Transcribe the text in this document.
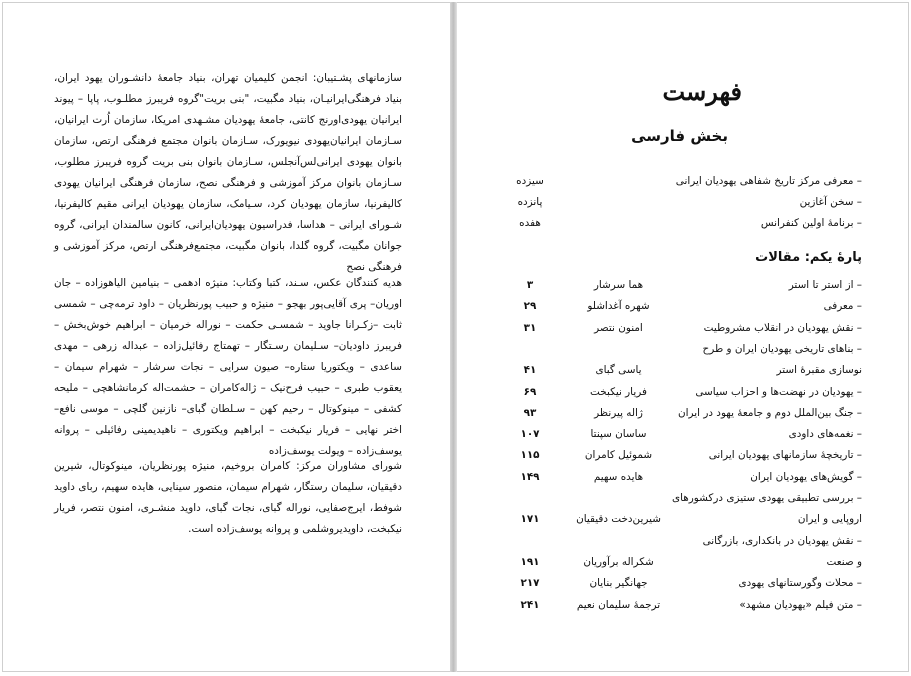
سازمانهای پشـتیبان: انجمن کلیمیان تهران، بنیاد جامعهٔ دانشـوران یهود ایران، بنیاد فرهنگی‌ایرانیـان، بنیاد مگبیت، "بنی بریت"گروه فریبرز مطلـوب، پاپا – پیوند ایرانیان یهودی‌اورنج کانتی، جامعهٔ یهودیان مشـهدی امریکا، سازمان اُرت ایرانیان، سـازمان ایرانیان‌یهودی نیویورک، سـازمان بانوان مجتمع فرهنگی ارتص، سازمان بانوان یهودی ایرانی‌لس‌آنجلس، سـازمان بانوان بنی بریت گروه فریبرز مطلوب، سـازمان بانوان مرکز آموزشی و فرهنگی نصح، سازمان فرهنگی ایرانیان یهودی کالیفرنیا، سازمان یهودیان کرد، سـیامک، سازمان یهودیان ایرانی مقیم کالیفرنیا، شـورای ایرانی – هداسا، فدراسیون یهودیان‌ایرانی، کانون سالمندان ایرانی، گروه جوانان مگبیت، گروه گلدا، بانوان مگبیت، مجتمع‌فرهنگی ارتص، مرکز آموزشی و فرهنگی نصح

هدیه کنندگان عکس، سـند، کتبا وکتاب: منیژه ادهمی – بنیامین الیاهوزاده – جان اوریان– پری آقایی‌پور بهجو – منیژه و حبیب پورنظریان – داود ترمه‌چی – شمسی ثابت –زکـرانا جاوید – شمسـی حکمت – نوراله خرمیان – ابراهیم خوش‌بخش – فریبرز داودیان– سـلیمان رسـتگار – تهمتاج رفائیل‌زاده – عبداله زرهی – مهدی ساعدی – ویکتوریا ستاره– صیون سرایی – نجات سرشار – شهرام سیمان – یعقوب طبری – حبیب فرح‌نیک – ژاله‌کامران – حشمت‌اله کرمانشاهچی – ملیحه کشفی – مینوکوتال – رحیم کهن – سـلطان گبای– نازنین گلچی – موسی نافع– اختر نهایی – فریار نیکبخت – ابراهیم ویکتوری – ناهیدیمینی رفائیلی – پروانه یوسف‌زاده – ویولت یوسف‌زاده

شورای مشاوران مرکز: کامران بروخیم، منیژه پورنظریان، مینوکوتال، شیرین دقیقیان، سلیمان رستگار، شهرام سیمان، منصور سینایی، هایده سهیم، ربای داوید شوفط، ایرج‌صفایی، نوراله گبای، نجات گبای، داوید منشـری، امنون نتصر، فریار نیکبخت، داویدیروشلمی و پروانه یوسف‌زاده است.

فهرست
بخش فارسی
– معرفی مرکز تاریخ شفاهی یهودیان ایرانی
سیزده
– سخن آغازین
پانزده
– برنامهٔ اولین کنفرانس
هفده
پارهٔ یکم: مقالات
– از استر تا استر
هما سرشار
۳
– معرفی
شهره آغداشلو
۲۹
– نقش یهودیان در انقلاب مشروطیت
امنون نتصر
۳۱
– بناهای تاریخی یهودیان ایران و طرح
نوسازی مقبرهٔ استر
یاسی گبای
۴۱
– یهودیان در نهضت‌ها و احزاب سیاسی
فریار نیکبخت
۶۹
– جنگ بین‌الملل دوم و جامعهٔ یهود در ایران
ژاله پیرنظر
۹۳
– نغمه‌های داودی
ساسان سپنتا
۱۰۷
– تاریخچهٔ سازمانهای یهودیان ایرانی
شموئیل کامران
۱۱۵
– گویش‌های یهودیان ایران
هایده سهیم
۱۴۹
– بررسی تطبیقی یهودی ستیزی درکشورهای
اروپایی و ایران
شیرین‌دخت دقیقیان
۱۷۱
– نقش یهودیان در بانکداری، بازرگانی
و صنعت
شکراله برآوریان
۱۹۱
– محلات وگورستانهای یهودی
جهانگیر بنایان
۲۱۷
– متن فیلم «یهودیان مشهد»
ترجمهٔ سلیمان نعیم
۲۴۱
